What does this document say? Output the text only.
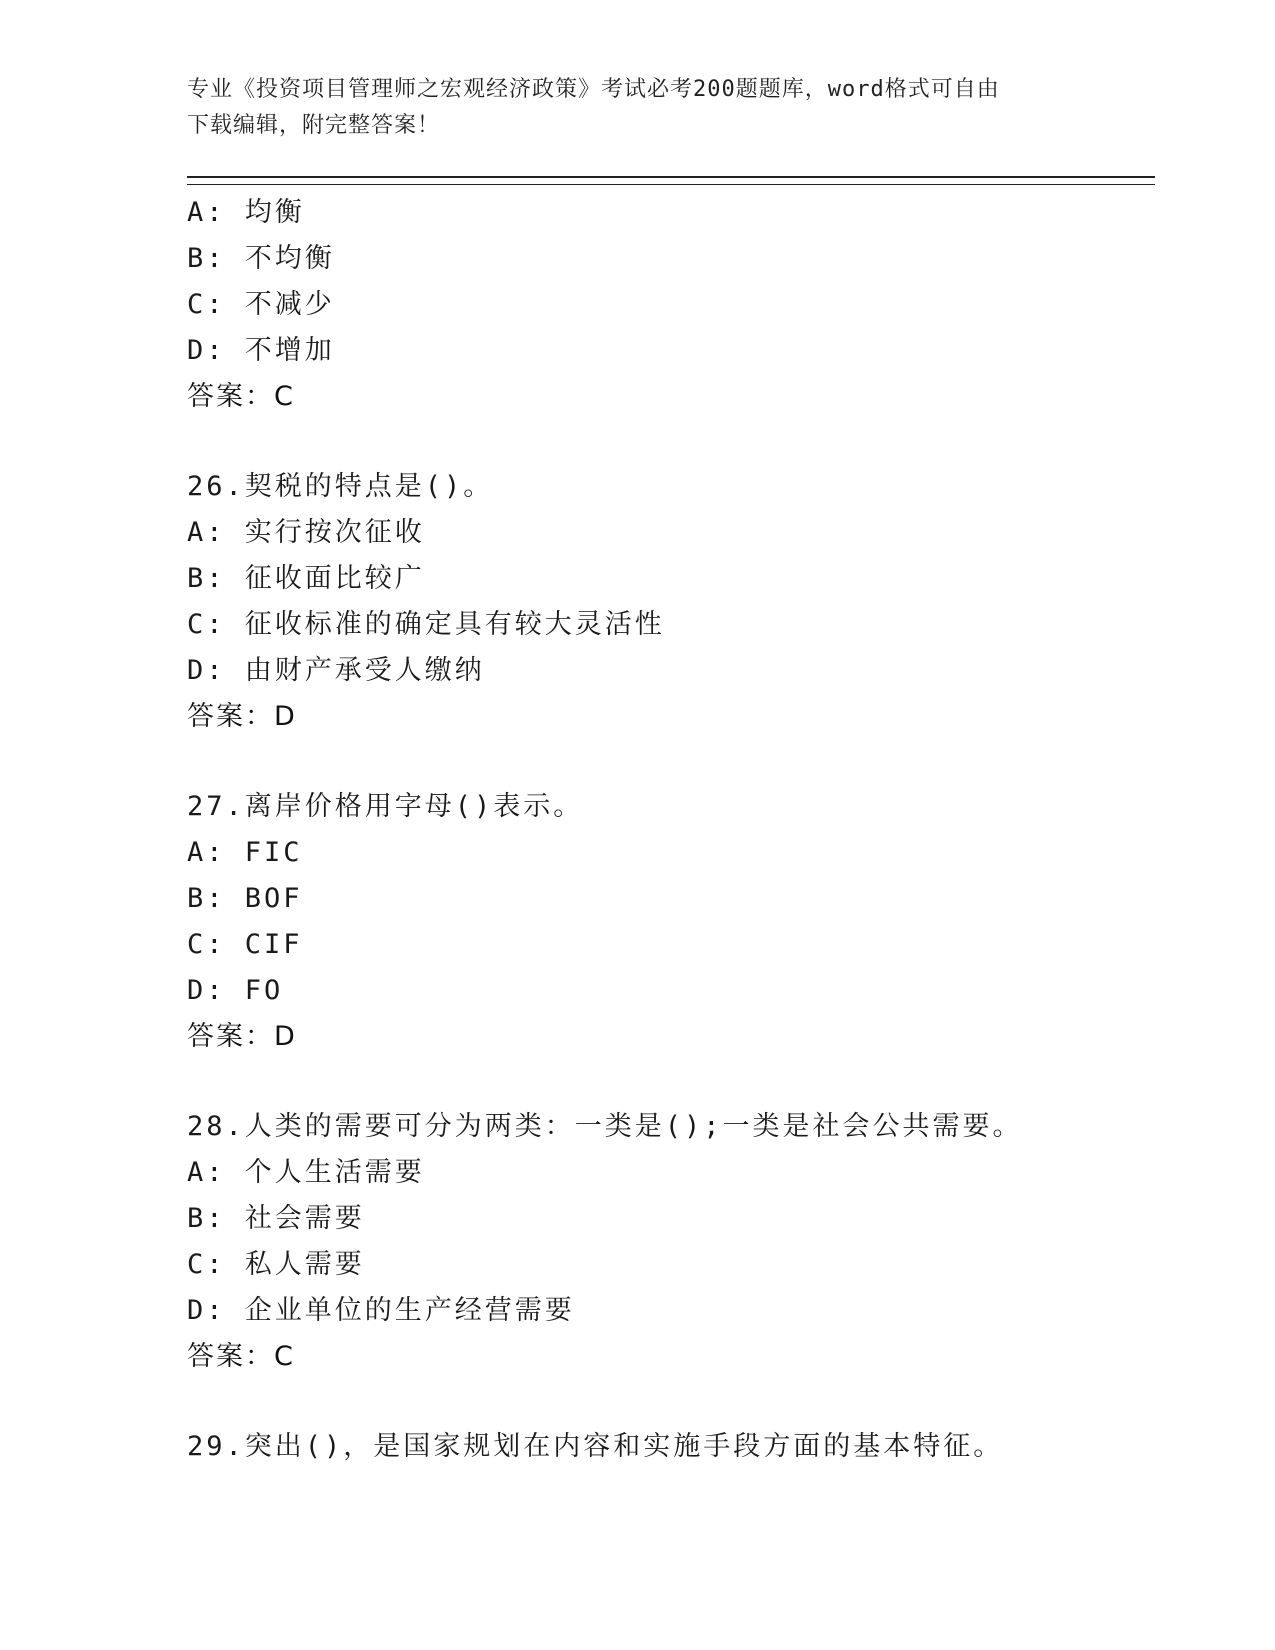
专业《投资项目管理师之宏观经济政策》考试必考200题题库，word格式可自由
下载编辑，附完整答案！
A: 均衡
B: 不均衡
C: 不减少
D: 不增加
答案：C
26.契税的特点是()。
A: 实行按次征收
B: 征收面比较广
C: 征收标准的确定具有较大灵活性
D: 由财产承受人缴纳
答案：D
27.离岸价格用字母()表示。
A: FIC
B: BOF
C: CIF
D: FO
答案：D
28.人类的需要可分为两类：一类是();一类是社会公共需要。
A: 个人生活需要
B: 社会需要
C: 私人需要
D: 企业单位的生产经营需要
答案：C
29.突出()，是国家规划在内容和实施手段方面的基本特征。
